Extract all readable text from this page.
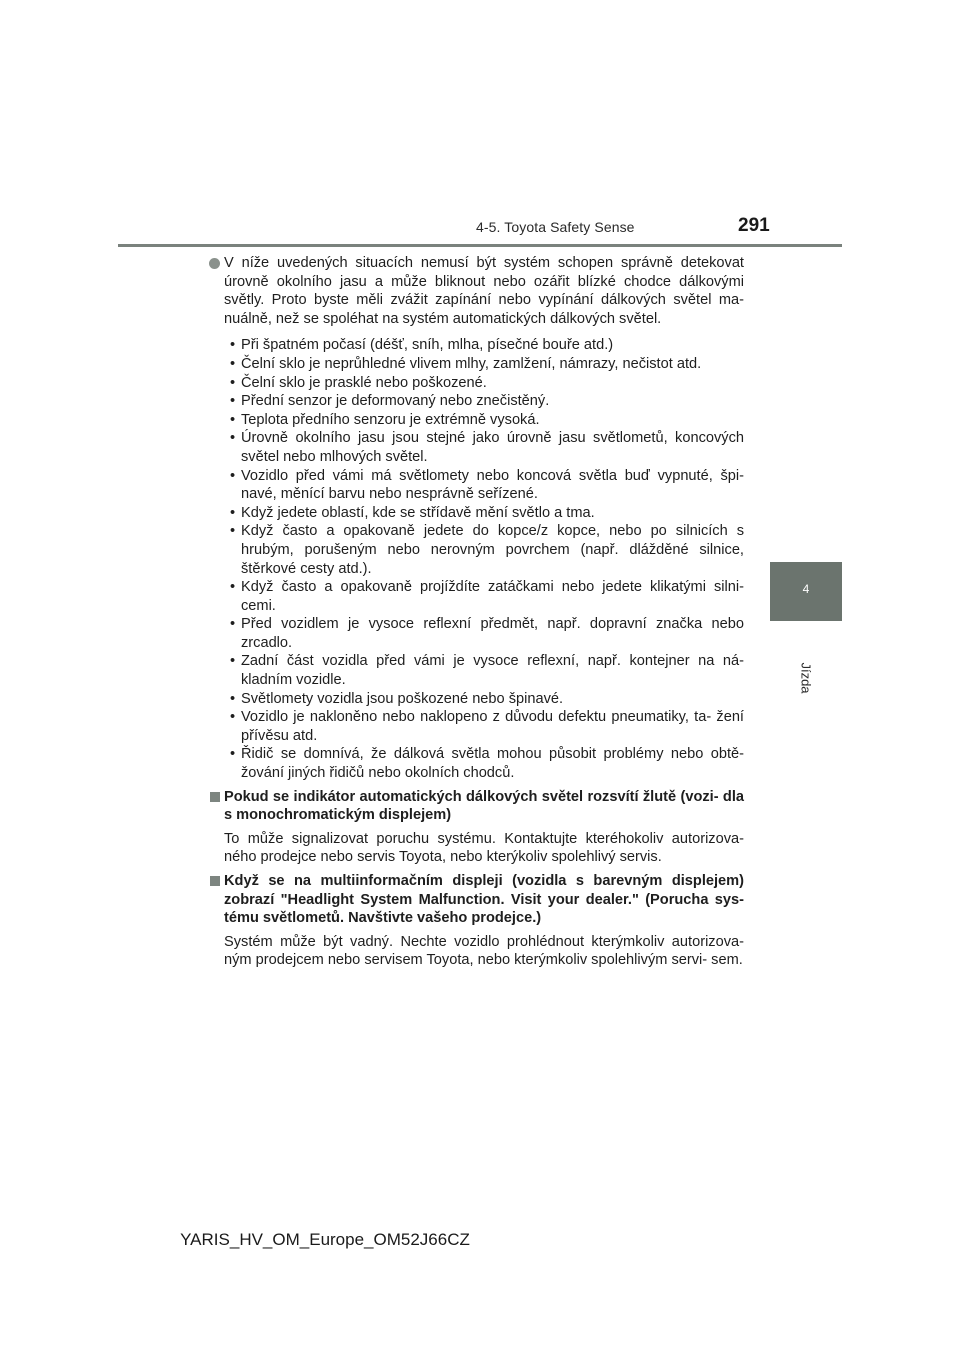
4-5. Toyota Safety Sense	291
4
Jízda

V níže uvedených situacích nemusí být systém schopen správně detekovat úrovně okolního jasu a může bliknout nebo ozářit blízké chodce dálkovými světly. Proto byste měli zvážit zapínání nebo vypínání dálkových světel ma- nuálně, než se spoléhat na systém automatických dálkových světel.

• Při špatném počasí (déšť, sníh, mlha, písečné bouře atd.)
• Čelní sklo je neprůhledné vlivem mlhy, zamlžení, námrazy, nečistot atd.
• Čelní sklo je prasklé nebo poškozené.
• Přední senzor je deformovaný nebo znečistěný.
• Teplota předního senzoru je extrémně vysoká.
• Úrovně okolního jasu jsou stejné jako úrovně jasu světlometů, koncových světel nebo mlhových světel.
• Vozidlo před vámi má světlomety nebo koncová světla buď vypnuté, špi- navé, měnící barvu nebo nesprávně seřízené.
• Když jedete oblastí, kde se střídavě mění světlo a tma.
• Když často a opakovaně jedete do kopce/z kopce, nebo po silnicích s hrubým, porušeným nebo nerovným povrchem (např. dlážděné silnice, štěrkové cesty atd.).
• Když často a opakovaně projíždíte zatáčkami nebo jedete klikatými silni- cemi.
• Před vozidlem je vysoce reflexní předmět, např. dopravní značka nebo zrcadlo.
• Zadní část vozidla před vámi je vysoce reflexní, např. kontejner na ná- kladním vozidle.
• Světlomety vozidla jsou poškozené nebo špinavé.
• Vozidlo je nakloněno nebo naklopeno z důvodu defektu pneumatiky, ta- žení přívěsu atd.
• Řidič se domnívá, že dálková světla mohou působit problémy nebo obtě- žování jiných řidičů nebo okolních chodců.
Pokud se indikátor automatických dálkových světel rozsvítí žlutě (vozi- dla s monochromatickým displejem)

To může signalizovat poruchu systému. Kontaktujte kteréhokoliv autorizova- ného prodejce nebo servis Toyota, nebo kterýkoliv spolehlivý servis.

Když se na multiinformačním displeji (vozidla s barevným displejem) zobrazí "Headlight System Malfunction. Visit your dealer." (Porucha sys- tému světlometů. Navštivte vašeho prodejce.)

Systém může být vadný. Nechte vozidlo prohlédnout kterýmkoliv autorizova- ným prodejcem nebo servisem Toyota, nebo kterýmkoliv spolehlivým servi- sem.

YARIS_HV_OM_Europe_OM52J66CZ
